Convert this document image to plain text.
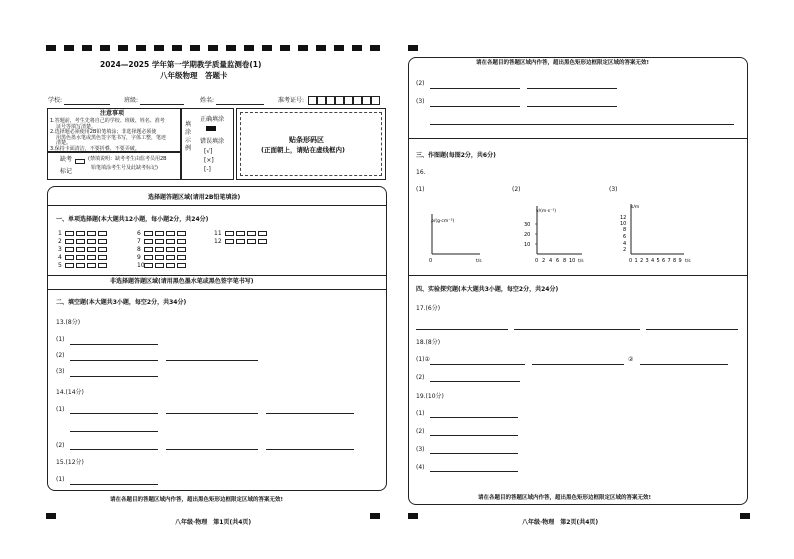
2024—2025 学年第一学期教学质量监测卷(1)
八年级物理　答题卡
学校:	班级:	姓名:	准考证号:
注意事项
1.答题前，考生先将自己的学校、班级、姓名、准考
证号等填写清楚。
2.选择题必须使用2B铅笔填涂；非选择题必须使
用黑色墨水笔或黑色签字笔书写，字体工整，笔迹
清楚。
3.保持卡面清洁，不要折叠、不要弄破。
填涂示例
正确填涂
错误填涂
[√]
[×]
[-]
贴条形码区
(正面朝上，请贴在虚线框内)
缺考
标记
(禁填说明：缺考考生由监考员用2B
铅笔填涂考生号及此缺考标记)
选择题答题区域(请用2B铅笔填涂)
一、单项选择题(本大题共12小题，每小题2分，共24分)
1
2
3
4
5
6
7
8
9
10
11
12
非选择题答题区域(请用黑色墨水笔或黑色签字笔书写)
二、填空题(本大题共3小题，每空2分，共34分)
13.(8分)
(1)
(2)
(3)
14.(14分)
(1)
(2)
15.(12分)
(1)
请在各题目的答题区域内作答，超出黑色矩形边框限定区域的答案无效!
八年级·物理　第1页(共4页)
请在各题目的答题区域内作答，超出黑色矩形边框限定区域的答案无效!
(2)
(3)
三、作图题(每图2分，共6分)
16.
(1)	(2)	(3)
ρ/(g·cm⁻³)
0	t/s
v/(m·s⁻¹)
30
20
10
0 2 4 6 8 10 t/s
s/m
12
10
8
6
4
2
0 1 2 3 4 5 6 7 8 9 t/s
四、实验探究题(本大题共3小题，每空2分，共24分)
17.(6分)
18.(8分)
(1)①	②
(2)
19.(10分)
(1)
(2)
(3)
(4)
请在各题目的答题区域内作答，超出黑色矩形边框限定区域的答案无效!
八年级·物理　第2页(共4页)
